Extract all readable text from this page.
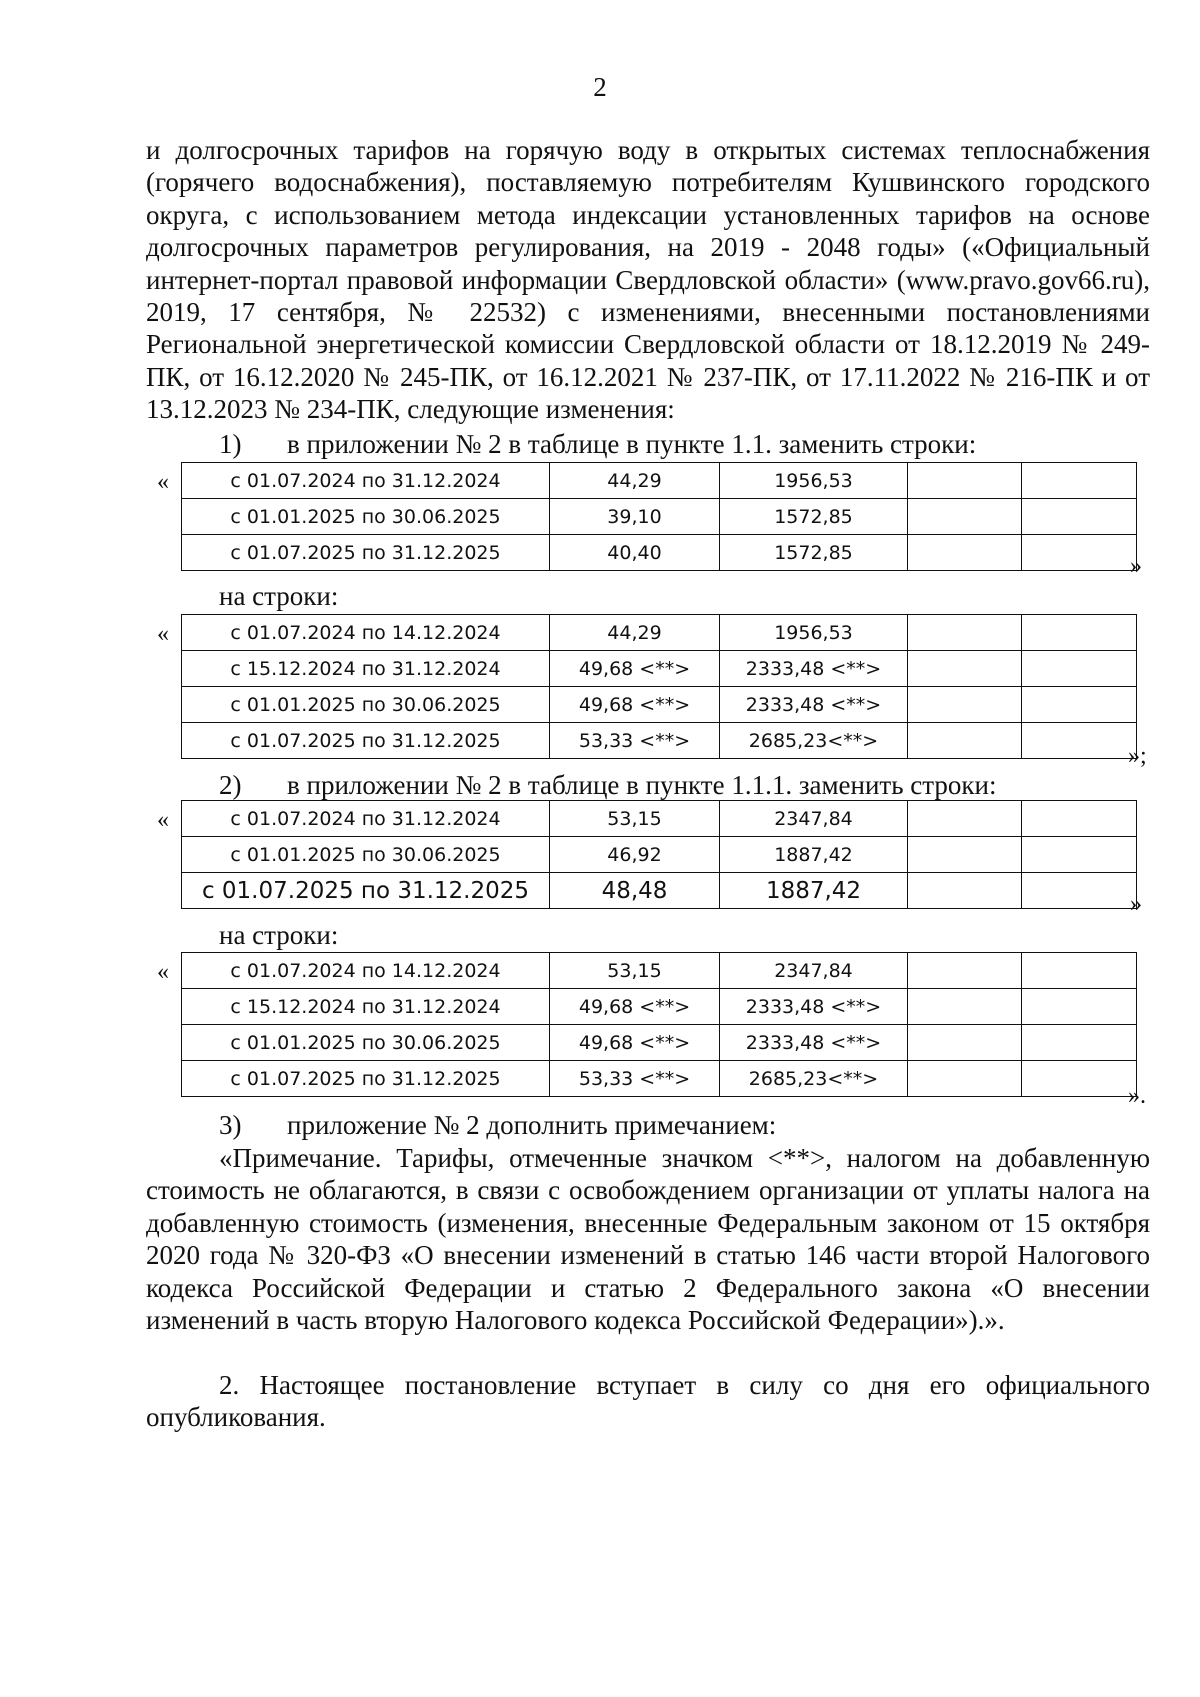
2

и долгосрочных тарифов на горячую воду в открытых системах теплоснабжения (горячего водоснабжения), поставляемую потребителям Кушвинского городского округа, с использованием метода индексации установленных тарифов на основе долгосрочных параметров регулирования, на 2019 - 2048 годы» («Официальный интернет-портал правовой информации Свердловской области» (www.pravo.gov66.ru), 2019, 17 сентября, № 22532) с изменениями, внесенными постановлениями Региональной энергетической комиссии Свердловской области от 18.12.2019 № 249-ПК, от 16.12.2020 № 245-ПК, от 16.12.2021 № 237-ПК, от 17.11.2022 № 216-ПК и от 13.12.2023 № 234-ПК, следующие изменения:

1) в приложении № 2 в таблице в пункте 1.1. заменить строки:
«	с 01.07.2024 по 31.12.2024	44,29	1956,53		
с 01.01.2025 по 30.06.2025	39,10	1572,85		
с 01.07.2025 по 31.12.2025	40,40	1572,85		
»
на строки:
«	с 01.07.2024 по 14.12.2024	44,29	1956,53		
с 15.12.2024 по 31.12.2024	49,68 <**>	2333,48 <**>		
с 01.01.2025 по 30.06.2025	49,68 <**>	2333,48 <**>		
с 01.07.2025 по 31.12.2025	53,33 <**>	2685,23<**>		
»;
2) в приложении № 2 в таблице в пункте 1.1.1. заменить строки:
«	с 01.07.2024 по 31.12.2024	53,15	2347,84		
с 01.01.2025 по 30.06.2025	46,92	1887,42		
с 01.07.2025 по 31.12.2025	48,48	1887,42		
»
на строки:
«	с 01.07.2024 по 14.12.2024	53,15	2347,84		
с 15.12.2024 по 31.12.2024	49,68 <**>	2333,48 <**>		
с 01.01.2025 по 30.06.2025	49,68 <**>	2333,48 <**>		
с 01.07.2025 по 31.12.2025	53,33 <**>	2685,23<**>		
».
3) приложение № 2 дополнить примечанием:

«Примечание. Тарифы, отмеченные значком <**>, налогом на добавленную стоимость не облагаются, в связи с освобождением организации от уплаты налога на добавленную стоимость (изменения, внесенные Федеральным законом от 15 октября 2020 года № 320-ФЗ «О внесении изменений в статью 146 части второй Налогового кодекса Российской Федерации и статью 2 Федерального закона «О внесении изменений в часть вторую Налогового кодекса Российской Федерации»).».

2. Настоящее постановление вступает в силу со дня его официального опубликования.
